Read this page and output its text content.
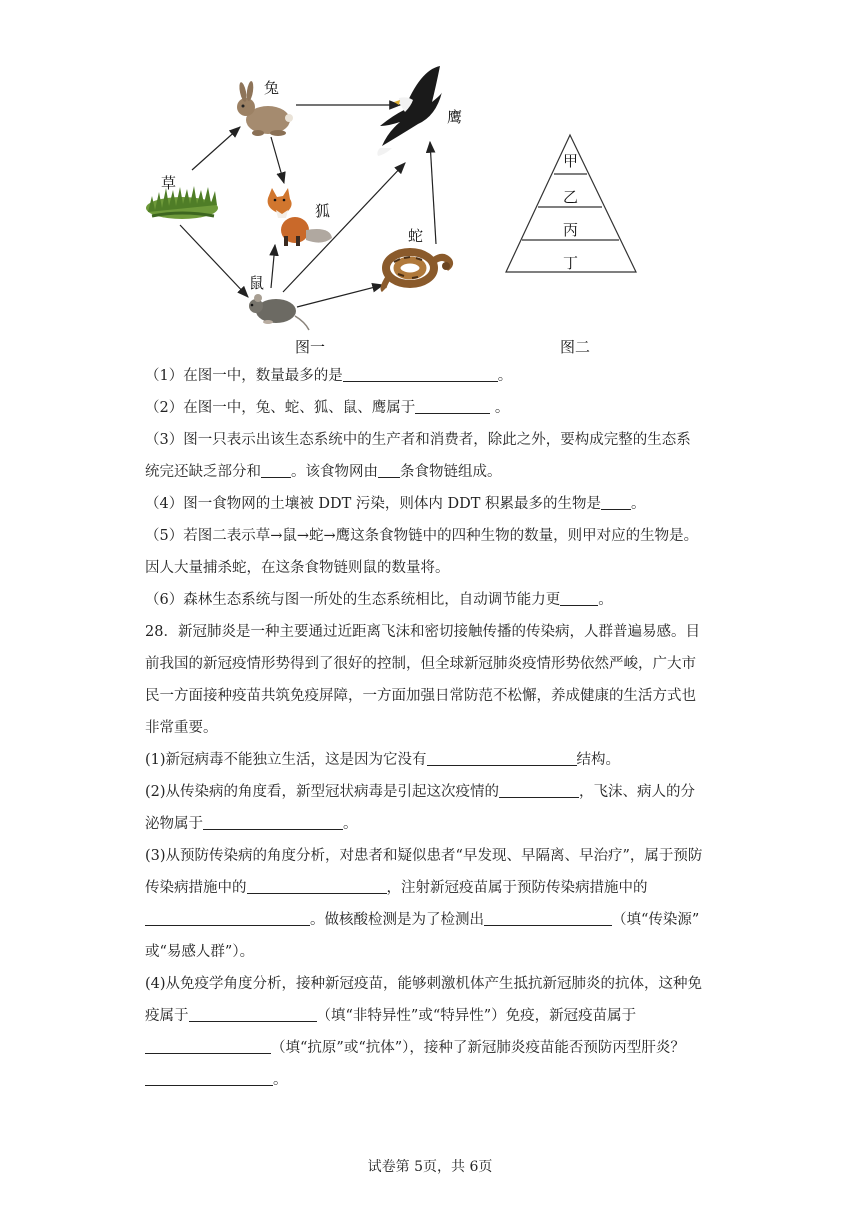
兔
鹰
草
狐
蛇
鼠
甲
乙
丙
丁
图一	图二
（1）在图一中，数量最多的是	。
（2）在图一中，兔、蛇、狐、鼠、鹰属于	。
（3）图一只表示出该生态系统中的生产者和消费者，除此之外，要构成完整的生态系
统完还缺乏部分和 。该食物网由 条食物链组成。
（4）图一食物网的土壤被 DDT 污染，则体内 DDT 积累最多的生物是 。
（5）若图二表示草→鼠→蛇→鹰这条食物链中的四种生物的数量，则甲对应的生物是。
因人大量捕杀蛇，在这条食物链则鼠的数量将。
（6）森林生态系统与图一所处的生态系统相比，自动调节能力更	。
28．新冠肺炎是一种主要通过近距离飞沫和密切接触传播的传染病，人群普遍易感。目
前我国的新冠疫情形势得到了很好的控制，但全球新冠肺炎疫情形势依然严峻，广大市
民一方面接种疫苗共筑免疫屏障，一方面加强日常防范不松懈，养成健康的生活方式也
非常重要。
(1)新冠病毒不能独立生活，这是因为它没有	结构。
(2)从传染病的角度看，新型冠状病毒是引起这次疫情的	，飞沫、病人的分
泌物属于	。
(3)从预防传染病的角度分析，对患者和疑似患者“早发现、早隔离、早治疗”，属于预防
传染病措施中的	，注射新冠疫苗属于预防传染病措施中的
。做核酸检测是为了检测出	（填“传染源”
或“易感人群”）。
(4)从免疫学角度分析，接种新冠疫苗，能够刺激机体产生抵抗新冠肺炎的抗体，这种免
疫属于	（填“非特异性”或“特异性”）免疫，新冠疫苗属于
（填“抗原”或“抗体”），接种了新冠肺炎疫苗能否预防丙型肝炎？
。
试卷第 5页，共 6页
